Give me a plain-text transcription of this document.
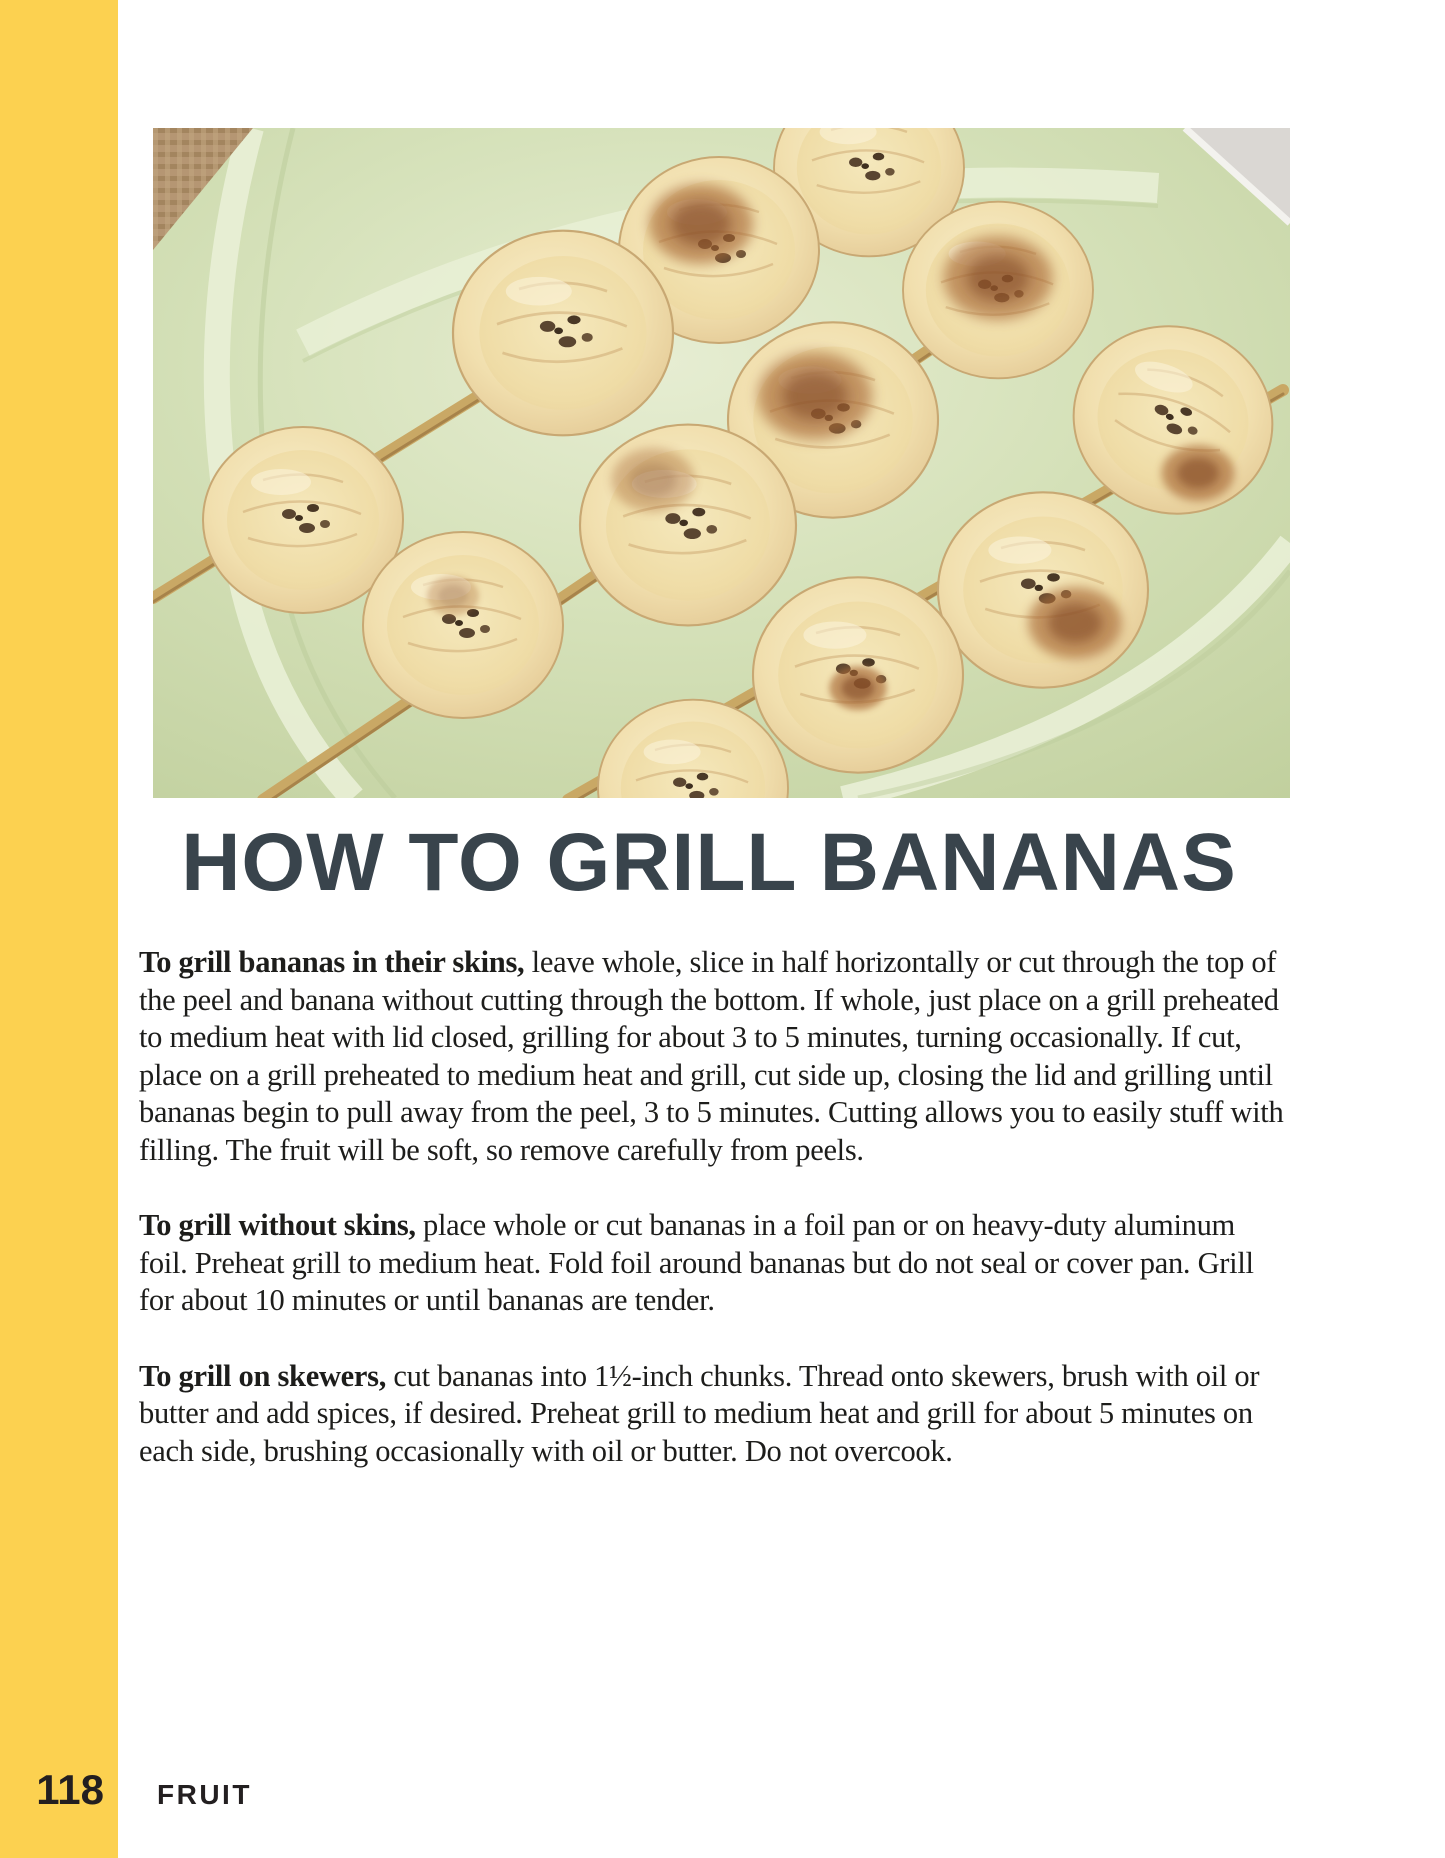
HOW TO GRILL BANANAS

To grill bananas in their skins, leave whole, slice in half horizontally or cut through the top of the peel and banana without cutting through the bottom. If whole, just place on a grill preheated to medium heat with lid closed, grilling for about 3 to 5 minutes, turning occasionally. If cut, place on a grill preheated to medium heat and grill, cut side up, closing the lid and grilling until bananas begin to pull away from the peel, 3 to 5 minutes. Cutting allows you to easily stuff with filling. The fruit will be soft, so remove carefully from peels.

To grill without skins, place whole or cut bananas in a foil pan or on heavy-duty aluminum foil. Preheat grill to medium heat. Fold foil around bananas but do not seal or cover pan. Grill for about 10 minutes or until bananas are tender.

To grill on skewers, cut bananas into 1½-inch chunks. Thread onto skewers, brush with oil or butter and add spices, if desired. Preheat grill to medium heat and grill for about 5 minutes on each side, brushing occasionally with oil or butter. Do not overcook.

118 FRUIT
